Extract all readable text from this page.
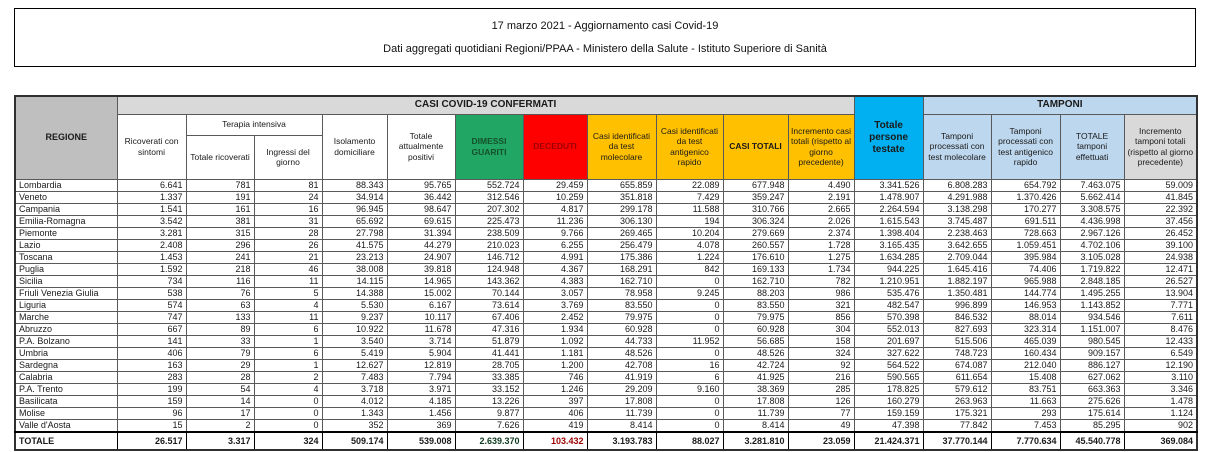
17 marzo 2021 - Aggiornamento casi Covid-19
Dati aggregati quotidiani Regioni/PPAA - Ministero della Salute - Istituto Superiore di Sanità
REGIONE	CASI COVID-19 CONFERMATI											Totale persone testate	TAMPONI			
	Ricoverati con sintomi	Terapia intensiva		Isolamento domiciliare	Totale attualmente positivi	DIMESSI GUARITI	DECEDUTI	Casi identificati da test molecolare	Casi identificati da test antigenico rapido	CASI TOTALI	Incremento casi totali (rispetto al giorno precedente)		Tamponi processati con test molecolare	Tamponi processati con test antigenico rapido	TOTALE tamponi effettuati	Incremento tamponi totali (rispetto al giorno precedente)
		Totale ricoverati	Ingressi del giorno													
Lombardia	6.641	781	81	88.343	95.765	552.724	29.459	655.859	22.089	677.948	4.490	3.341.526	6.808.283	654.792	7.463.075	59.009
Veneto	1.337	191	24	34.914	36.442	312.546	10.259	351.818	7.429	359.247	2.191	1.478.907	4.291.988	1.370.426	5.662.414	41.845
Campania	1.541	161	16	96.945	98.647	207.302	4.817	299.178	11.588	310.766	2.665	2.264.594	3.138.298	170.277	3.308.575	22.392
Emilia-Romagna	3.542	381	31	65.692	69.615	225.473	11.236	306.130	194	306.324	2.026	1.615.543	3.745.487	691.511	4.436.998	37.456
Piemonte	3.281	315	28	27.798	31.394	238.509	9.766	269.465	10.204	279.669	2.374	1.398.404	2.238.463	728.663	2.967.126	26.452
Lazio	2.408	296	26	41.575	44.279	210.023	6.255	256.479	4.078	260.557	1.728	3.165.435	3.642.655	1.059.451	4.702.106	39.100
Toscana	1.453	241	21	23.213	24.907	146.712	4.991	175.386	1.224	176.610	1.275	1.634.285	2.709.044	395.984	3.105.028	24.938
Puglia	1.592	218	46	38.008	39.818	124.948	4.367	168.291	842	169.133	1.734	944.225	1.645.416	74.406	1.719.822	12.471
Sicilia	734	116	11	14.115	14.965	143.362	4.383	162.710	0	162.710	782	1.210.951	1.882.197	965.988	2.848.185	26.527
Friuli Venezia Giulia	538	76	5	14.388	15.002	70.144	3.057	78.958	9.245	88.203	986	535.476	1.350.481	144.774	1.495.255	13.904
Liguria	574	63	4	5.530	6.167	73.614	3.769	83.550	0	83.550	321	482.547	996.899	146.953	1.143.852	7.771
Marche	747	133	11	9.237	10.117	67.406	2.452	79.975	0	79.975	856	570.398	846.532	88.014	934.546	7.611
Abruzzo	667	89	6	10.922	11.678	47.316	1.934	60.928	0	60.928	304	552.013	827.693	323.314	1.151.007	8.476
P.A. Bolzano	141	33	1	3.540	3.714	51.879	1.092	44.733	11.952	56.685	158	201.697	515.506	465.039	980.545	12.433
Umbria	406	79	6	5.419	5.904	41.441	1.181	48.526	0	48.526	324	327.622	748.723	160.434	909.157	6.549
Sardegna	163	29	1	12.627	12.819	28.705	1.200	42.708	16	42.724	92	564.522	674.087	212.040	886.127	12.190
Calabria	283	28	2	7.483	7.794	33.385	746	41.919	6	41.925	216	590.565	611.654	15.408	627.062	3.110
P.A. Trento	199	54	4	3.718	3.971	33.152	1.246	29.209	9.160	38.369	285	178.825	579.612	83.751	663.363	3.346
Basilicata	159	14	0	4.012	4.185	13.226	397	17.808	0	17.808	126	160.279	263.963	11.663	275.626	1.478
Molise	96	17	0	1.343	1.456	9.877	406	11.739	0	11.739	77	159.159	175.321	293	175.614	1.124
Valle d'Aosta	15	2	0	352	369	7.626	419	8.414	0	8.414	49	47.398	77.842	7.453	85.295	902
TOTALE	26.517	3.317	324	509.174	539.008	2.639.370	103.432	3.193.783	88.027	3.281.810	23.059	21.424.371	37.770.144	7.770.634	45.540.778	369.084
